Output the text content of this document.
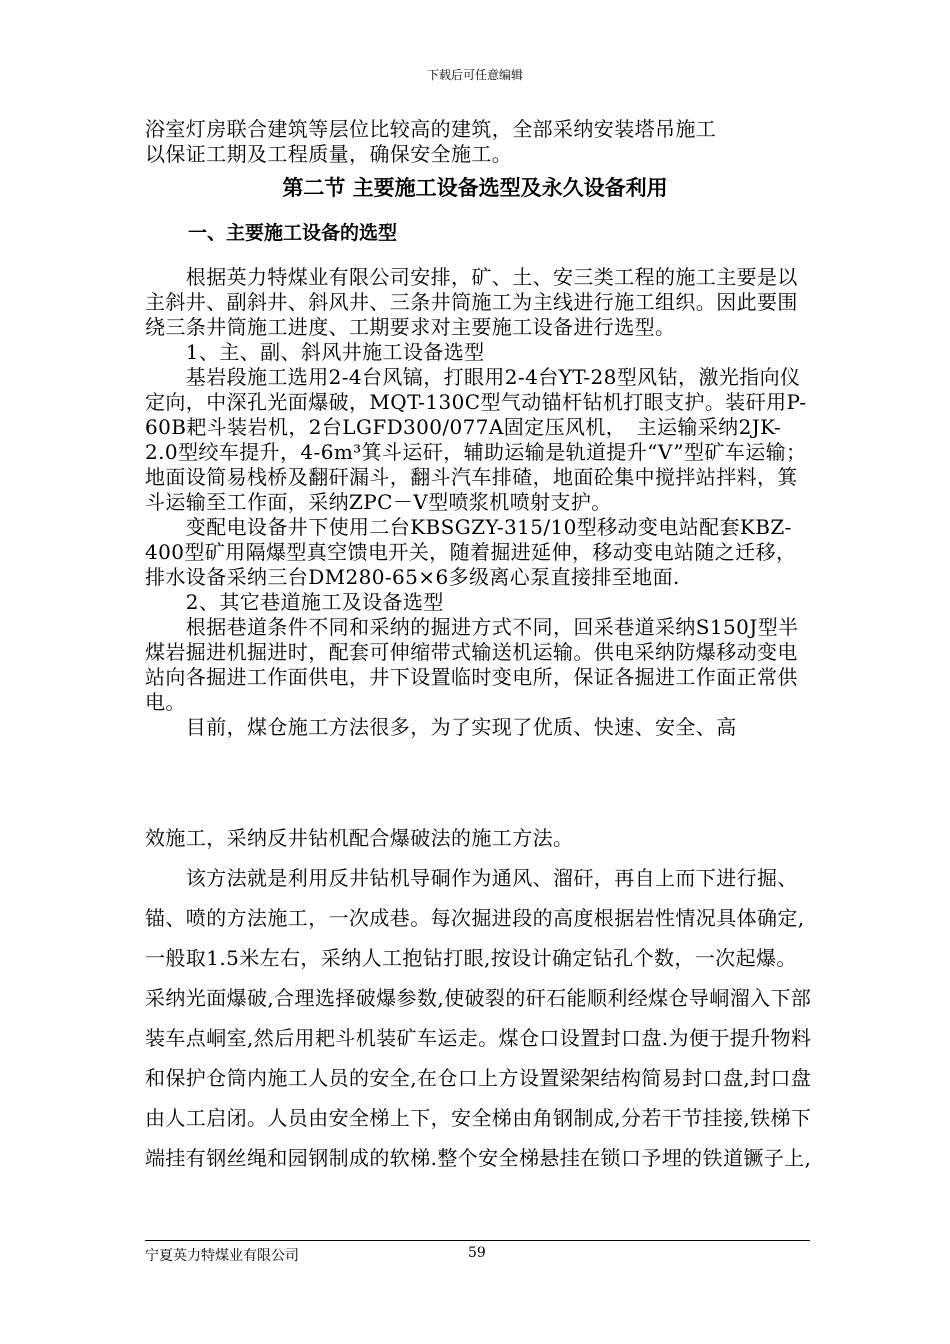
下载后可任意编辑

浴室灯房联合建筑等层位比较高的建筑，全部采纳安装塔吊施工

以保证工期及工程质量，确保安全施工。

第二节 主要施工设备选型及永久设备利用
一、主要施工设备的选型

　　根据英力特煤业有限公司安排，矿、土、安三类工程的施工主要是以主斜井、副斜井、斜风井、三条井筒施工为主线进行施工组织。因此要围绕三条井筒施工进度、工期要求对主要施工设备进行选型。

　　1、主、副、斜风井施工设备选型

　　基岩段施工选用2-4台风镐，打眼用2-4台YT-28型风钻，激光指向仪定向，中深孔光面爆破，MQT-130C型气动锚杆钻机打眼支护。装矸用P-60B耙斗装岩机，2台LGFD300/077A固定压风机，　主运输采纳2JK-2.0型绞车提升，4-6m³箕斗运矸，辅助运输是轨道提升“V”型矿车运输；地面设简易栈桥及翻矸漏斗，翻斗汽车排碴，地面砼集中搅拌站拌料，箕斗运输至工作面，采纳ZPC－V型喷浆机喷射支护。

　　变配电设备井下使用二台KBSGZY-315/10型移动变电站配套KBZ-400型矿用隔爆型真空馈电开关，随着掘进延伸，移动变电站随之迁移，排水设备采纳三台DM280-65×6多级离心泵直接排至地面.

　　2、其它巷道施工及设备选型

　　根据巷道条件不同和采纳的掘进方式不同，回采巷道采纳S150J型半煤岩掘进机掘进时，配套可伸缩带式输送机运输。供电采纳防爆移动变电站向各掘进工作面供电，井下设置临时变电所，保证各掘进工作面正常供电。

　　目前，煤仓施工方法很多，为了实现了优质、快速、安全、高

效施工，采纳反井钻机配合爆破法的施工方法。

　　该方法就是利用反井钻机导硐作为通风、溜矸，再自上而下进行掘、锚、喷的方法施工，一次成巷。每次掘进段的高度根据岩性情况具体确定,一般取1.5米左右，采纳人工抱钻打眼,按设计确定钻孔个数，一次起爆。采纳光面爆破,合理选择破爆参数,使破裂的矸石能顺利经煤仓导峒溜入下部装车点峒室,然后用耙斗机装矿车运走。煤仓口设置封口盘.为便于提升物料和保护仓筒内施工人员的安全,在仓口上方设置梁架结构简易封口盘,封口盘由人工启闭。人员由安全梯上下，安全梯由角钢制成,分若干节挂接,铁梯下端挂有钢丝绳和园钢制成的软梯.整个安全梯悬挂在锁口予埋的铁道镢子上,

宁夏英力特煤业有限公司	59
